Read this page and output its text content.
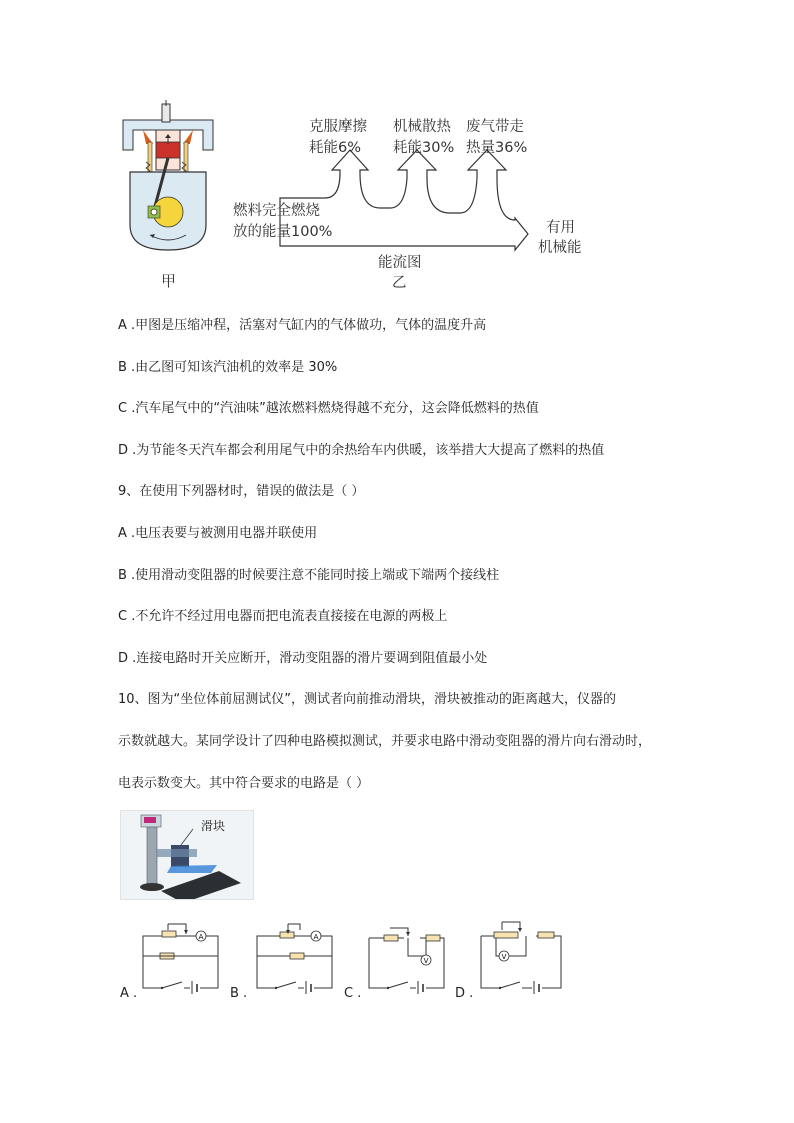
甲
克服摩擦
耗能6%
机械散热
耗能30%
废气带走
热量36%
燃料完全燃烧
放的能量100%	有用
机械能
能流图
乙
A .甲图是压缩冲程，活塞对气缸内的气体做功，气体的温度升高
B .由乙图可知该汽油机的效率是 30%
C .汽车尾气中的“汽油味”越浓燃料燃烧得越不充分，这会降低燃料的热值
D .为节能冬天汽车都会利用尾气中的余热给车内供暖，该举措大大提高了燃料的热值
9、在使用下列器材时，错误的做法是（ ）
A .电压表要与被测用电器并联使用
B .使用滑动变阻器的时候要注意不能同时接上端或下端两个接线柱
C .不允许不经过用电器而把电流表直接接在电源的两极上
D .连接电路时开关应断开，滑动变阻器的滑片要调到阻值最小处
10、图为“坐位体前屈测试仪”，测试者向前推动滑块，滑块被推动的距离越大，仪器的
示数就越大。某同学设计了四种电路模拟测试，并要求电路中滑动变阻器的滑片向右滑动时，
电表示数变大。其中符合要求的电路是（ ）
滑块
A
A .
A
B .
V
C .
V
D .
